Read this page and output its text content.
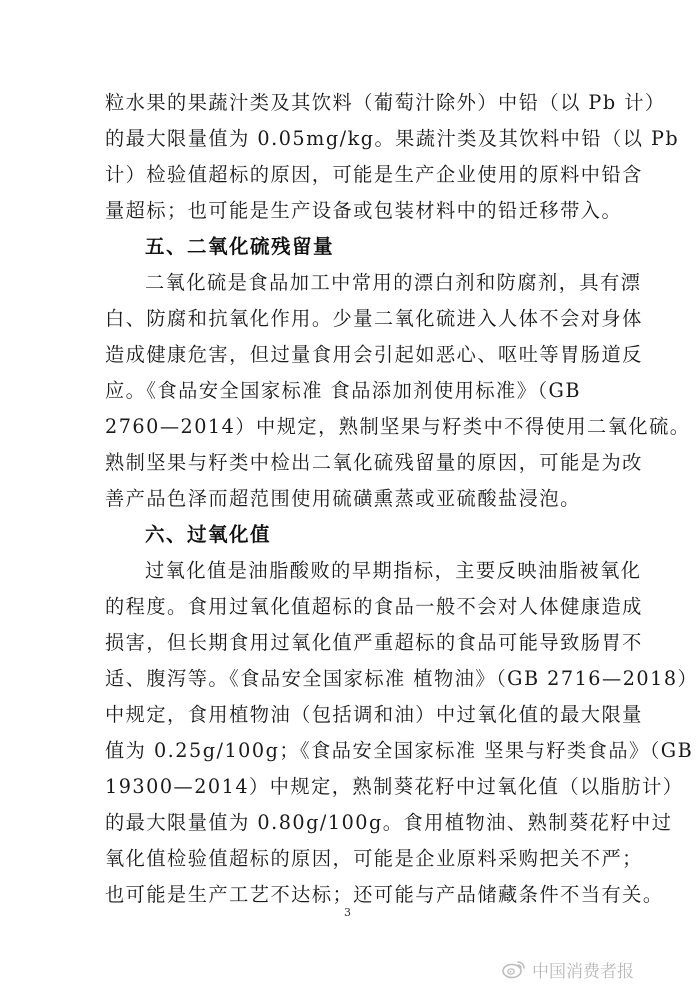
粒水果的果蔬汁类及其饮料（葡萄汁除外）中铅（以 Pb 计）
的最大限量值为 0.05mg/kg。果蔬汁类及其饮料中铅（以 Pb
计）检验值超标的原因，可能是生产企业使用的原料中铅含
量超标；也可能是生产设备或包装材料中的铅迁移带入。
五、二氧化硫残留量
二氧化硫是食品加工中常用的漂白剂和防腐剂，具有漂
白、防腐和抗氧化作用。少量二氧化硫进入人体不会对身体
造成健康危害，但过量食用会引起如恶心、呕吐等胃肠道反
应。《食品安全国家标准 食品添加剂使用标准》（GB
2760—2014）中规定，熟制坚果与籽类中不得使用二氧化硫。
熟制坚果与籽类中检出二氧化硫残留量的原因，可能是为改
善产品色泽而超范围使用硫磺熏蒸或亚硫酸盐浸泡。
六、过氧化值
过氧化值是油脂酸败的早期指标，主要反映油脂被氧化
的程度。食用过氧化值超标的食品一般不会对人体健康造成
损害，但长期食用过氧化值严重超标的食品可能导致肠胃不
适、腹泻等。《食品安全国家标准 植物油》（GB 2716—2018）
中规定，食用植物油（包括调和油）中过氧化值的最大限量
值为 0.25g/100g；《食品安全国家标准 坚果与籽类食品》（GB
19300—2014）中规定，熟制葵花籽中过氧化值（以脂肪计）
的最大限量值为 0.80g/100g。食用植物油、熟制葵花籽中过
氧化值检验值超标的原因，可能是企业原料采购把关不严；
也可能是生产工艺不达标；还可能与产品储藏条件不当有关。
3
中国消费者报
